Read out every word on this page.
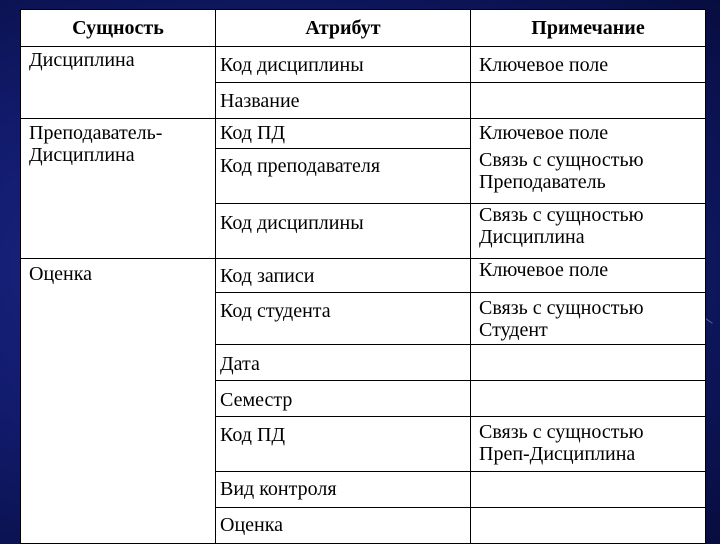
Сущность	Атрибут	Примечание
Дисциплина	Код дисциплины	Ключевое поле
	Название	
Преподаватель-Дисциплина	Код ПД	Ключевое поле
	Код преподавателя	Связь с сущностью Преподаватель
	Код дисциплины	Связь с сущностью Дисциплина
Оценка	Код записи	Ключевое поле
	Код студента	Связь с сущностью Студент
	Дата	
	Семестр	
	Код ПД	Связь с сущностью Преп-Дисциплина
	Вид контроля	
	Оценка	
